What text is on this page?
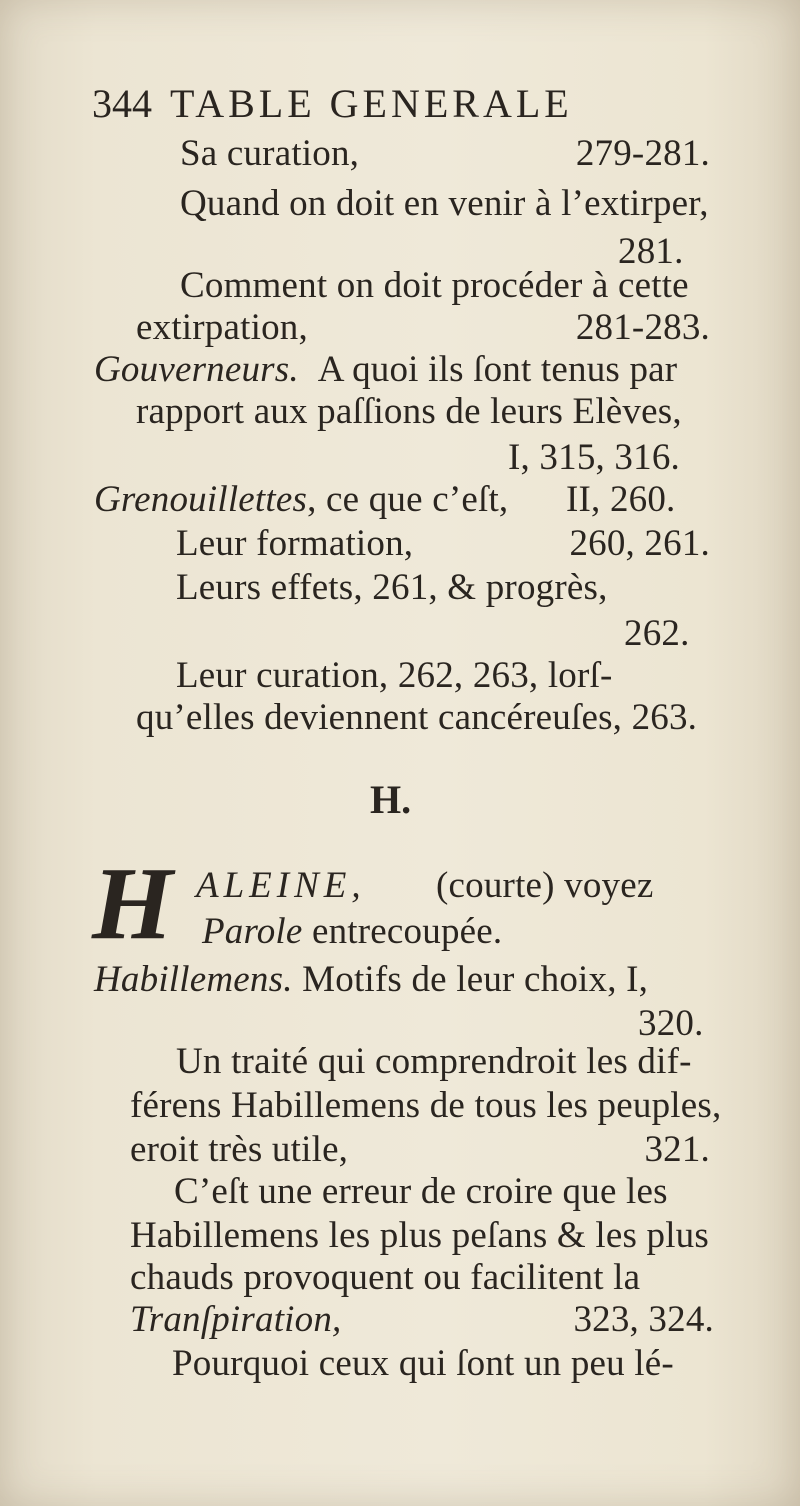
344 TABLE GENERALE
Sa curation,	279-281.
Quand on doit en venir à l’extirper,
281.
Comment on doit procéder à cette
extirpation,	281-283.
Gouverneurs. A quoi ils ſont tenus par
rapport aux paſſions de leurs Elèves,
I, 315, 316.
Grenouillettes, ce que c’eſt, II, 260.
Leur formation,	260, 261.
Leurs effets, 261, & progrès,
262.
Leur curation, 262, 263, lorſ-
qu’elles deviennent cancéreuſes, 263.
H.
H ALEINE, (courte) voyez
Parole entrecoupée.
Habillemens. Motifs de leur choix, I,
320.
Un traité qui comprendroit les dif-
férens Habillemens de tous les peuples,
eroit très utile,	321.
C’eſt une erreur de croire que les
Habillemens les plus peſans & les plus
chauds provoquent ou facilitent la
Tranſpiration,	323, 324.
Pourquoi ceux qui ſont un peu lé-
